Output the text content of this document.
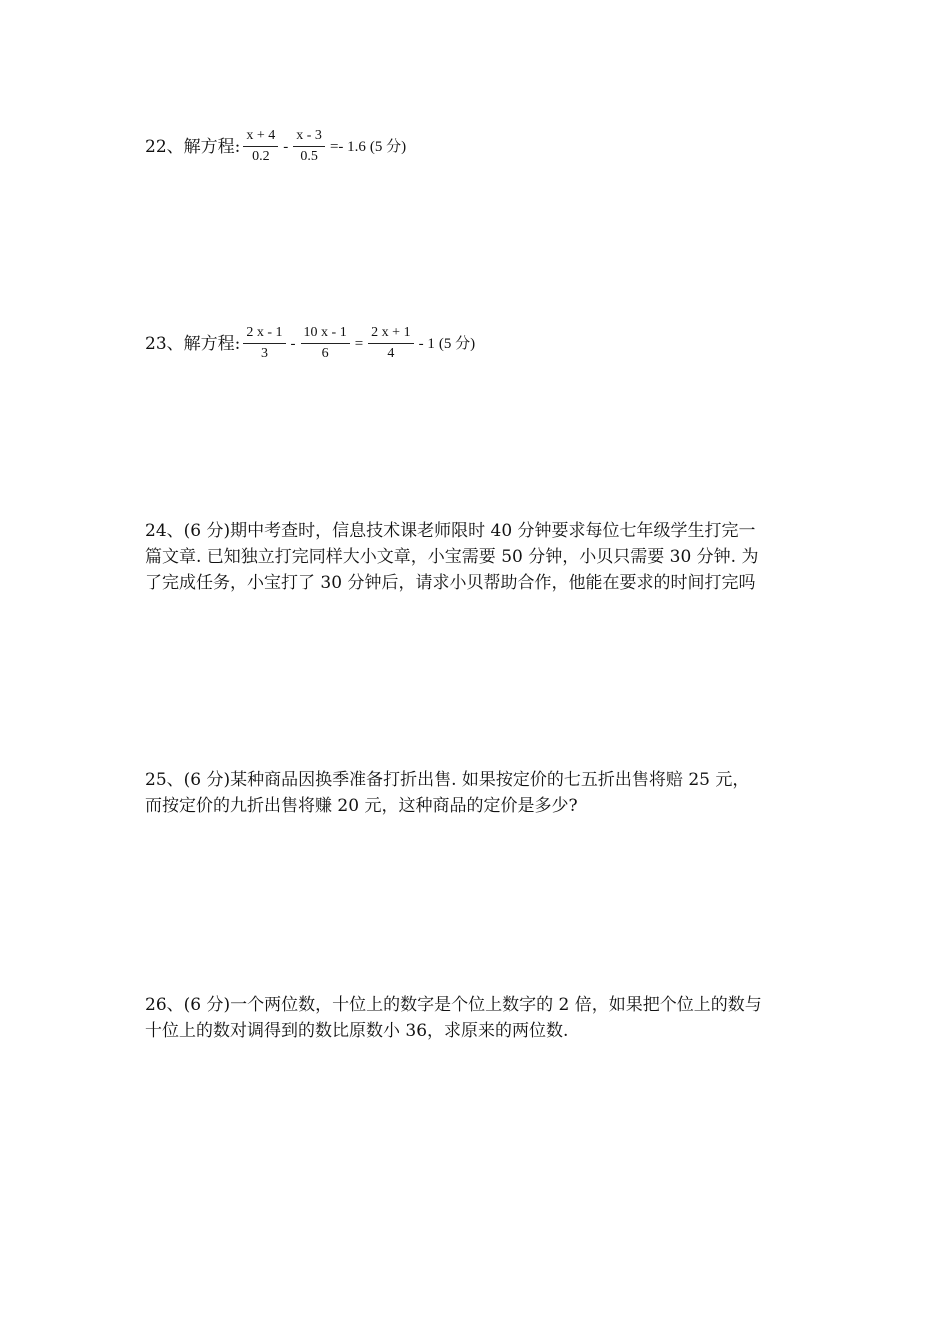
22、解方程: $\frac{x + 4}{0.2} - \frac{x - 3}{0.5} =- 1.6$ (5 分)
23、解方程: $\frac{2 x - 1}{3} - \frac{10 x - 1}{6} = \frac{2 x + 1}{4} - 1$ (5 分)

24、(6 分)期中考查时，信息技术课老师限时 40 分钟要求每位七年级学生打完一

篇文章. 已知独立打完同样大小文章，小宝需要 50 分钟，小贝只需要 30 分钟. 为

了完成任务，小宝打了 30 分钟后，请求小贝帮助合作，他能在要求的时间打完吗

25、(6 分)某种商品因换季准备打折出售. 如果按定价的七五折出售将赔 25 元，

而按定价的九折出售将赚 20 元，这种商品的定价是多少?

26、(6 分)一个两位数，十位上的数字是个位上数字的 2 倍，如果把个位上的数与

十位上的数对调得到的数比原数小 36，求原来的两位数.
